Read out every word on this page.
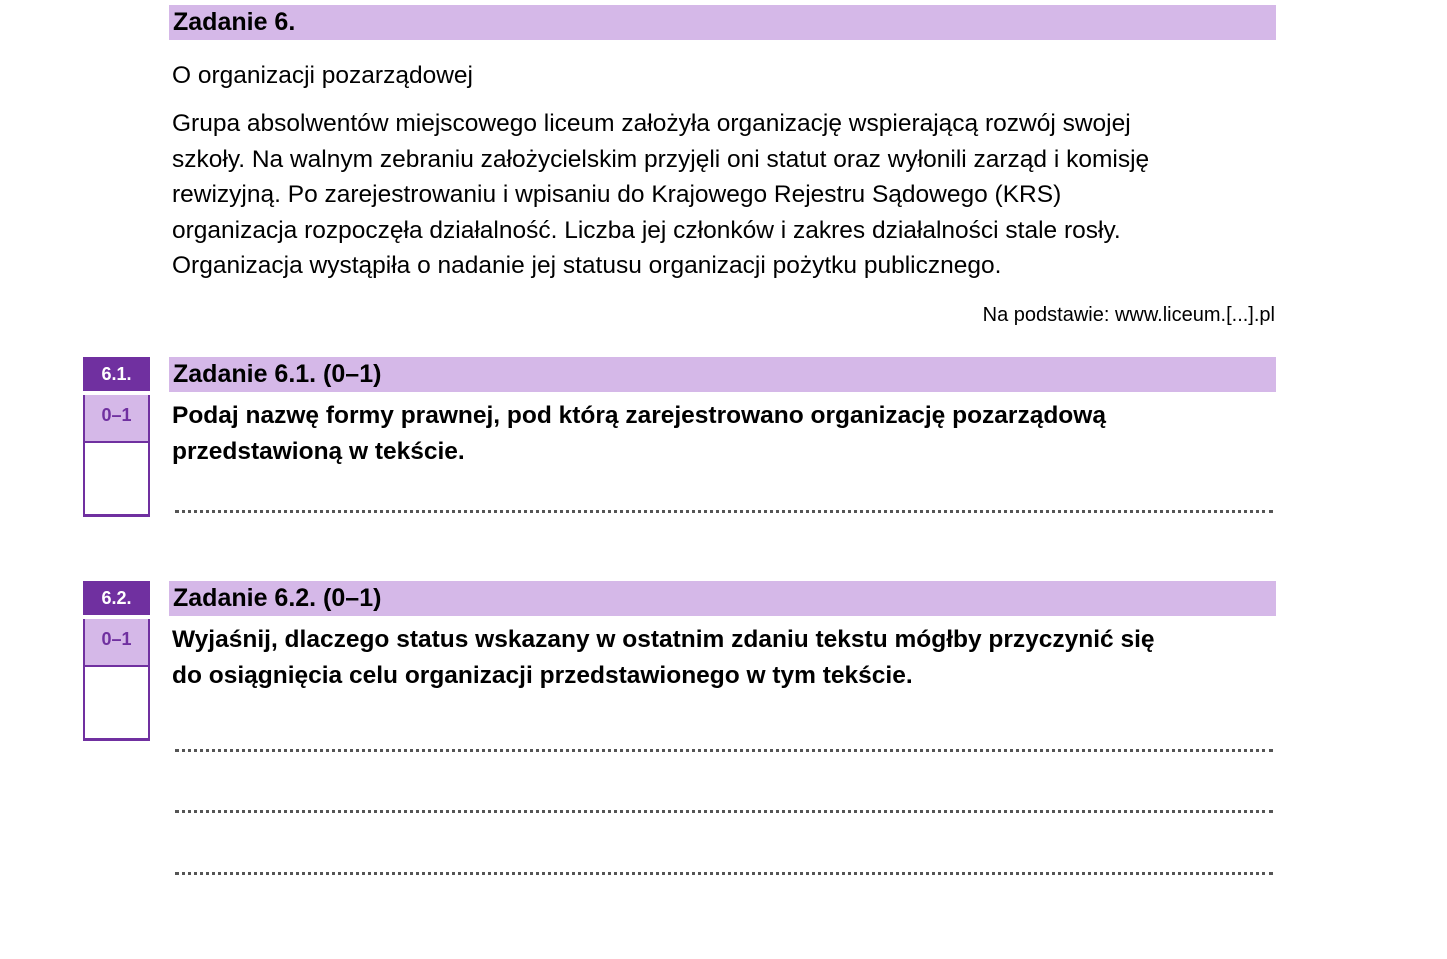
Zadanie 6.
O organizacji pozarządowej
Grupa absolwentów miejscowego liceum założyła organizację wspierającą rozwój swojej
szkoły. Na walnym zebraniu założycielskim przyjęli oni statut oraz wyłonili zarząd i komisję
rewizyjną. Po zarejestrowaniu i wpisaniu do Krajowego Rejestru Sądowego (KRS)
organizacja rozpoczęła działalność. Liczba jej członków i zakres działalności stale rosły.
Organizacja wystąpiła o nadanie jej statusu organizacji pożytku publicznego.
Na podstawie: www.liceum.[...].pl
6.1.
0–1
Zadanie 6.1. (0–1)
Podaj nazwę formy prawnej, pod którą zarejestrowano organizację pozarządową
przedstawioną w tekście.
6.2.
0–1
Zadanie 6.2. (0–1)
Wyjaśnij, dlaczego status wskazany w ostatnim zdaniu tekstu mógłby przyczynić się
do osiągnięcia celu organizacji przedstawionego w tym tekście.
